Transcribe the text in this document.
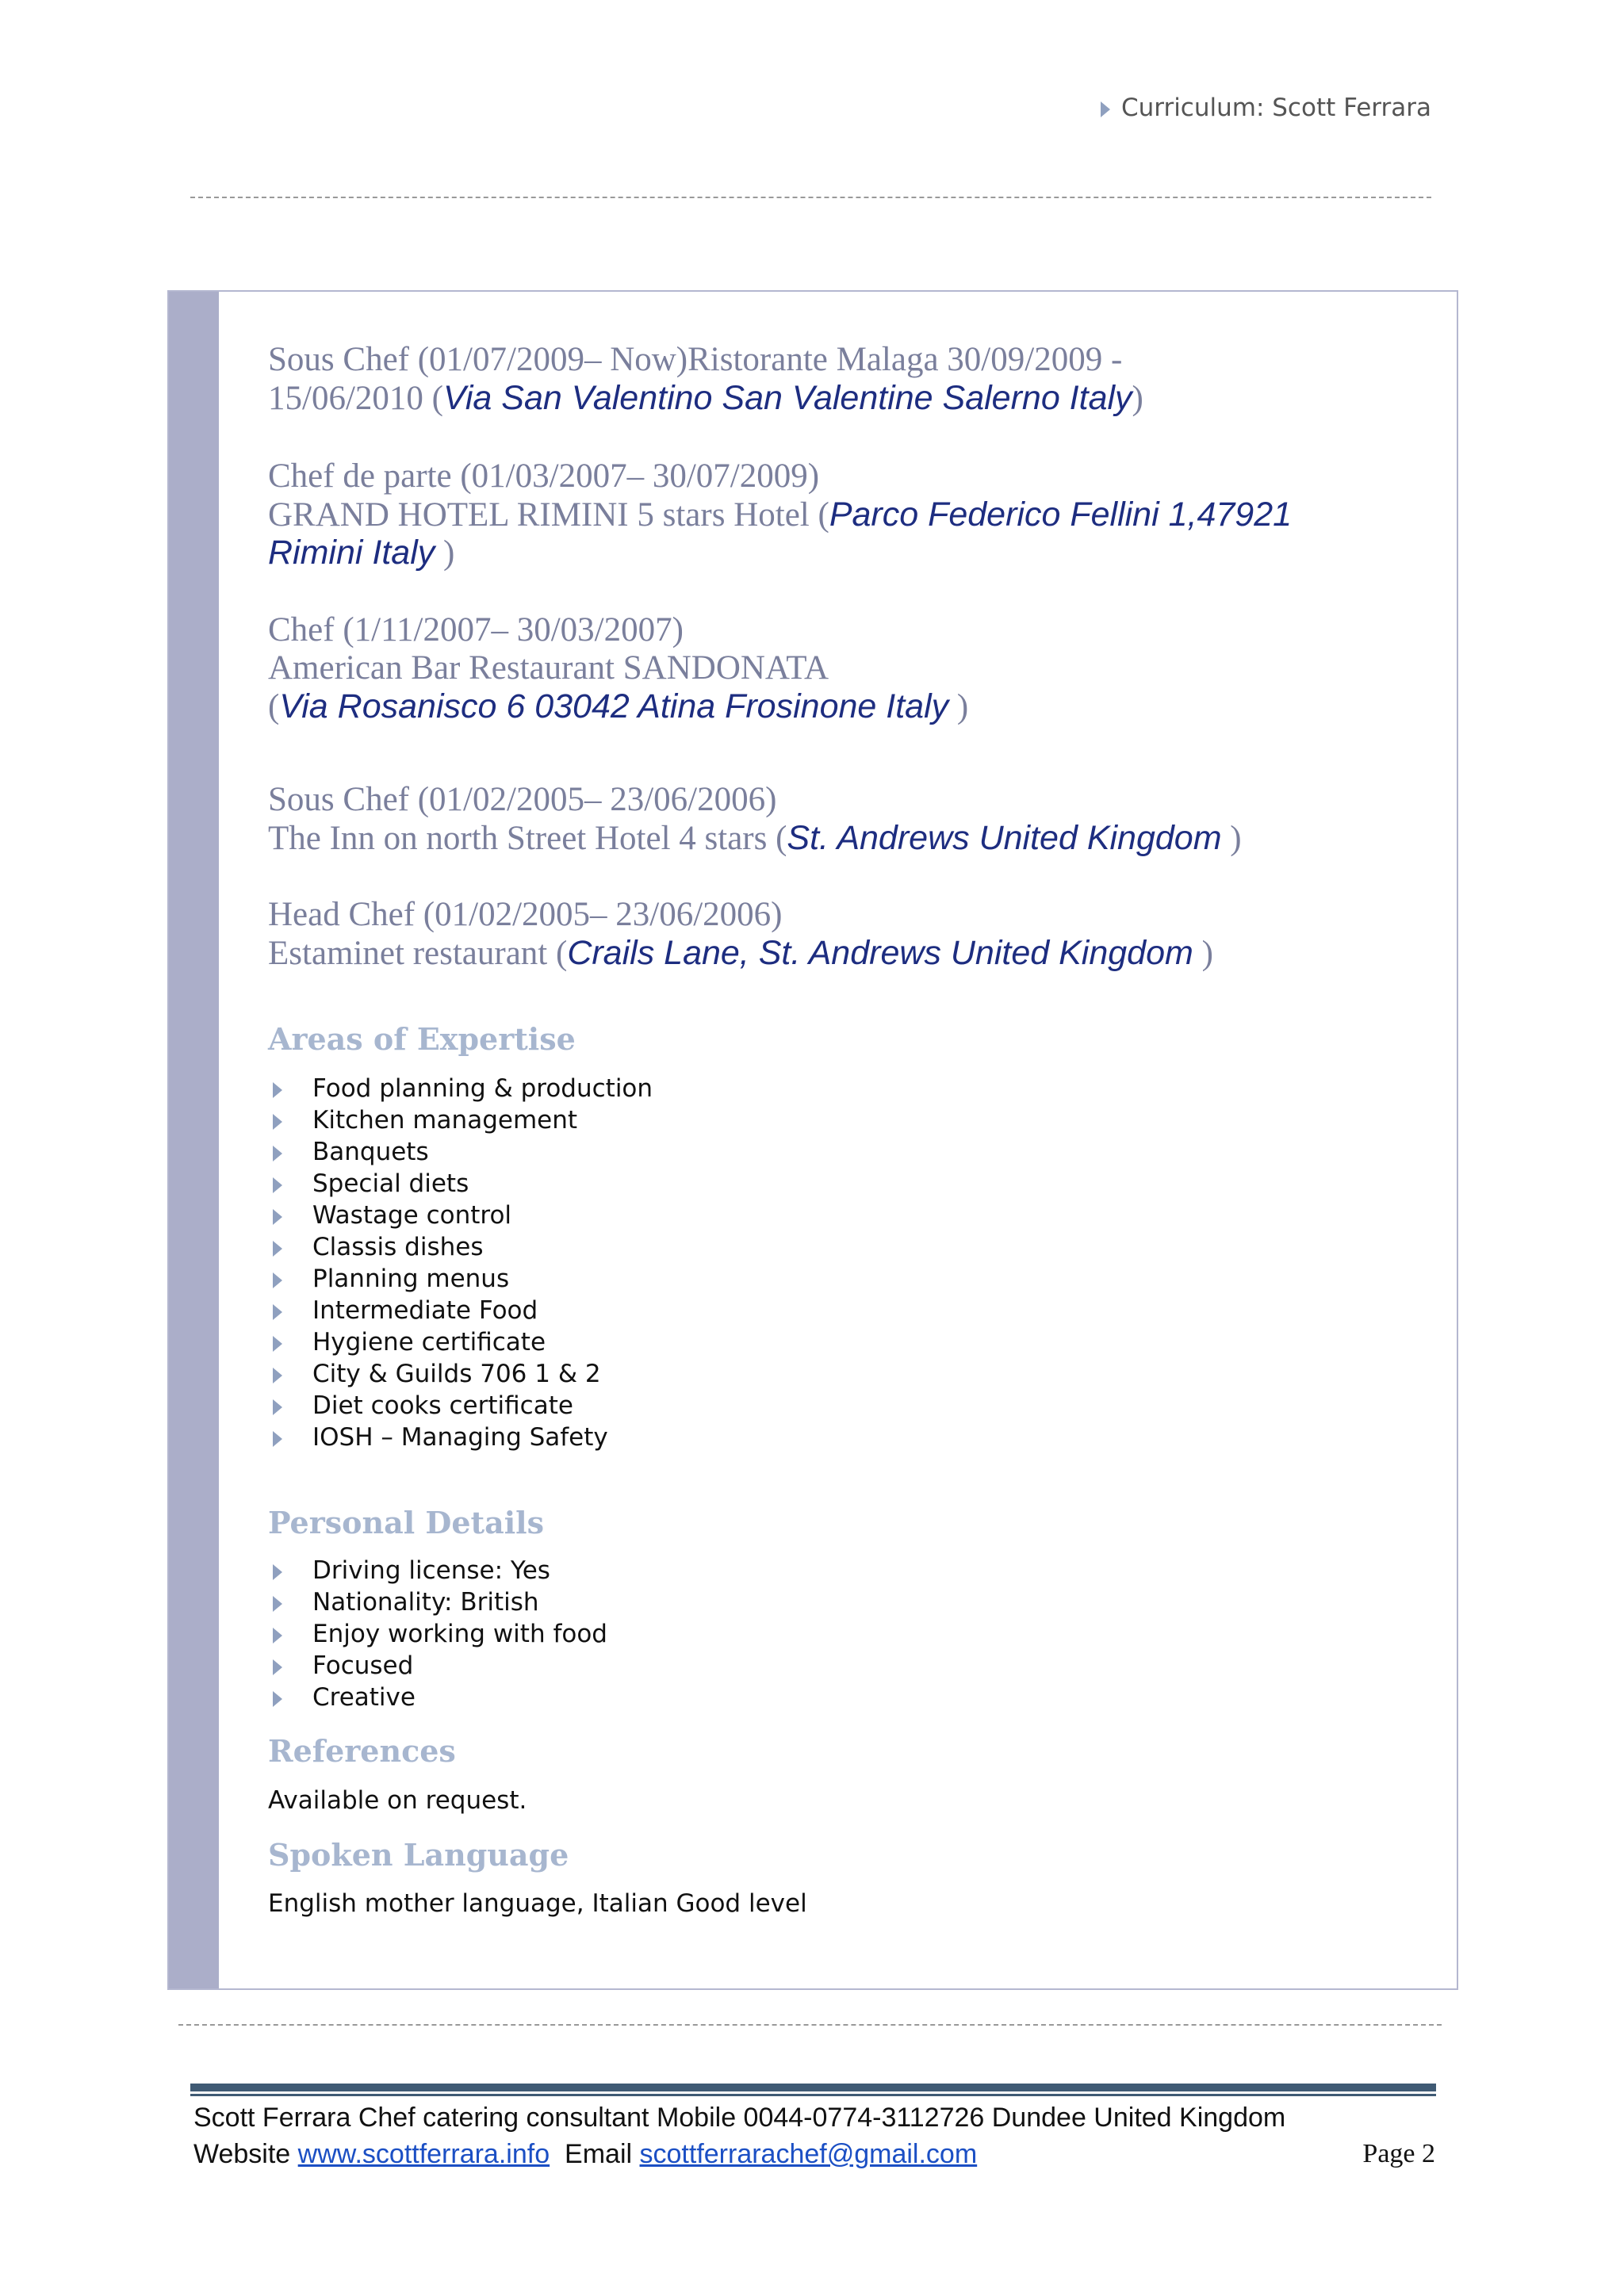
Curriculum: Scott Ferrara
Sous Chef (01/07/2009– Now)Ristorante Malaga 30/09/2009 -
15/06/2010 (Via San Valentino San Valentine Salerno Italy)
Chef de parte (01/03/2007– 30/07/2009)
GRAND HOTEL RIMINI 5 stars Hotel (Parco Federico Fellini 1,47921
Rimini Italy )
Chef (1/11/2007– 30/03/2007)
American Bar Restaurant SANDONATA
(Via Rosanisco 6 03042 Atina Frosinone Italy )
Sous Chef (01/02/2005– 23/06/2006)
The Inn on north Street Hotel 4 stars (St. Andrews United Kingdom )
Head Chef (01/02/2005– 23/06/2006)
Estaminet restaurant (Crails Lane, St. Andrews United Kingdom )
Areas of Expertise
Food planning & production
Kitchen management
Banquets
Special diets
Wastage control
Classis dishes
Planning menus
Intermediate Food
Hygiene certificate
City & Guilds 706 1 & 2
Diet cooks certificate
IOSH – Managing Safety
Personal Details
Driving license: Yes
Nationality: British
Enjoy working with food
Focused
Creative
References
Available on request.
Spoken Language
English mother language, Italian Good level
Scott Ferrara Chef catering consultant Mobile 0044-0774-3112726 Dundee United Kingdom
Website www.scottferrara.info Email scottferrarachef@gmail.com	Page 2
